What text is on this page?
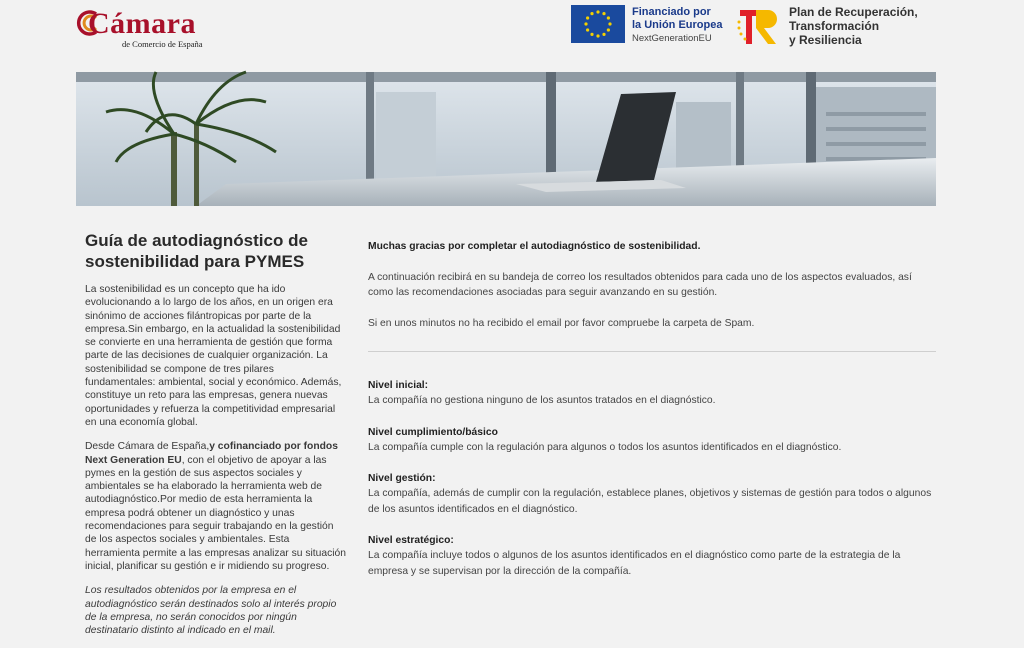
Cámara
de Comercio de España
Financiado por
la Unión Europea
NextGenerationEU
Plan de Recuperación,
Transformación
y Resiliencia
Guía de autodiagnóstico de sostenibilidad para PYMES

La sostenibilidad es un concepto que ha ido evolucionando a lo largo de los años, en un origen era sinónimo de acciones filántropicas por parte de la empresa.Sin embargo, en la actualidad la sostenibilidad se convierte en una herramienta de gestión que forma parte de las decisiones de cualquier organización. La sostenibilidad se compone de tres pilares fundamentales: ambiental, social y económico. Además, constituye un reto para las empresas, genera nuevas oportunidades y refuerza la competitividad empresarial en una economía global.

Desde Cámara de España,y cofinanciado por fondos Next Generation EU, con el objetivo de apoyar a las pymes en la gestión de sus aspectos sociales y ambientales se ha elaborado la herramienta web de autodiagnóstico.Por medio de esta herramienta la empresa podrá obtener un diagnóstico y unas recomendaciones para seguir trabajando en la gestión de los aspectos sociales y ambientales. Esta herramienta permite a las empresas analizar su situación inicial, planificar su gestión e ir midiendo su progreso.

Los resultados obtenidos por la empresa en el autodiagnóstico serán destinados solo al interés propio de la empresa, no serán conocidos por ningún destinatario distinto al indicado en el mail.

Muchas gracias por completar el autodiagnóstico de sostenibilidad.

A continuación recibirá en su bandeja de correo los resultados obtenidos para cada uno de los aspectos evaluados, así como las recomendaciones asociadas para seguir avanzando en su gestión.

Si en unos minutos no ha recibido el email por favor compruebe la carpeta de Spam.

Nivel inicial:
La compañía no gestiona ninguno de los asuntos tratados en el diagnóstico.
Nivel cumplimiento/básico
La compañía cumple con la regulación para algunos o todos los asuntos identificados en el diagnóstico.
Nivel gestión:
La compañía, además de cumplir con la regulación, establece planes, objetivos y sistemas de gestión para todos o algunos de los asuntos identificados en el diagnóstico.
Nivel estratégico:
La compañía incluye todos o algunos de los asuntos identificados en el diagnóstico como parte de la estrategia de la empresa y se supervisan por la dirección de la compañía.
